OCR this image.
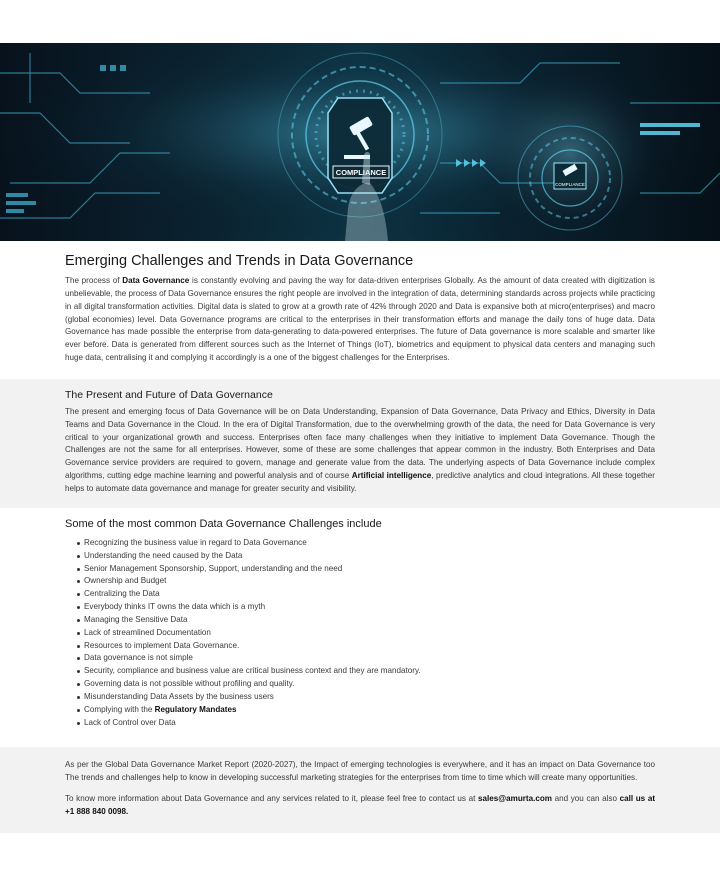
COMPLIANCE
COMPLIANCE
Emerging Challenges and Trends in Data Governance

The process of Data Governance is constantly evolving and paving the way for data-driven enterprises Globally. As the amount of data created with digitization is unbelievable, the process of Data Governance ensures the right people are involved in the integration of data, determining standards across projects while practicing in all digital transformation activities. Digital data is slated to grow at a growth rate of 42% through 2020 and Data is expansive both at micro(enterprises) and macro (global economies) level. Data Governance programs are critical to the enterprises in their transformation efforts and manage the daily tons of huge data. Data Governance has made possible the enterprise from data-generating to data-powered enterprises. The future of Data governance is more scalable and smarter like ever before. Data is generated from different sources such as the Internet of Things (IoT), biometrics and equipment to physical data centers and managing such huge data, centralising it and complying it accordingly is a one of the biggest challenges for the Enterprises.

The Present and Future of Data Governance

The present and emerging focus of Data Governance will be on Data Understanding, Expansion of Data Governance, Data Privacy and Ethics, Diversity in Data Teams and Data Governance in the Cloud. In the era of Digital Transformation, due to the overwhelming growth of the data, the need for Data Governance is very critical to your organizational growth and success. Enterprises often face many challenges when they initiative to implement Data Governance. Though the Challenges are not the same for all enterprises. However, some of these are some challenges that appear common in the industry. Both Enterprises and Data Governance service providers are required to govern, manage and generate value from the data. The underlying aspects of Data Governance include complex algorithms, cutting edge machine learning and powerful analysis and of course Artificial intelligence, predictive analytics and cloud integrations. All these together helps to automate data governance and manage for greater security and visibility.

Some of the most common Data Governance Challenges include
Recognizing the business value in regard to Data Governance
Understanding the need caused by the Data
Senior Management Sponsorship, Support, understanding and the need
Ownership and Budget
Centralizing the Data
Everybody thinks IT owns the data which is a myth
Managing the Sensitive Data
Lack of streamlined Documentation
Resources to implement Data Governance.
Data governance is not simple
Security, compliance and business value are critical business context and they are mandatory.
Governing data is not possible without profiling and quality.
Misunderstanding Data Assets by the business users
Complying with the Regulatory Mandates
Lack of Control over Data

As per the Global Data Governance Market Report (2020-2027), the Impact of emerging technologies is everywhere, and it has an impact on Data Governance too The trends and challenges help to know in developing successful marketing strategies for the enterprises from time to time which will create many opportunities.

To know more information about Data Governance and any services related to it, please feel free to contact us at sales@amurta.com and you can also call us at +1 888 840 0098.
